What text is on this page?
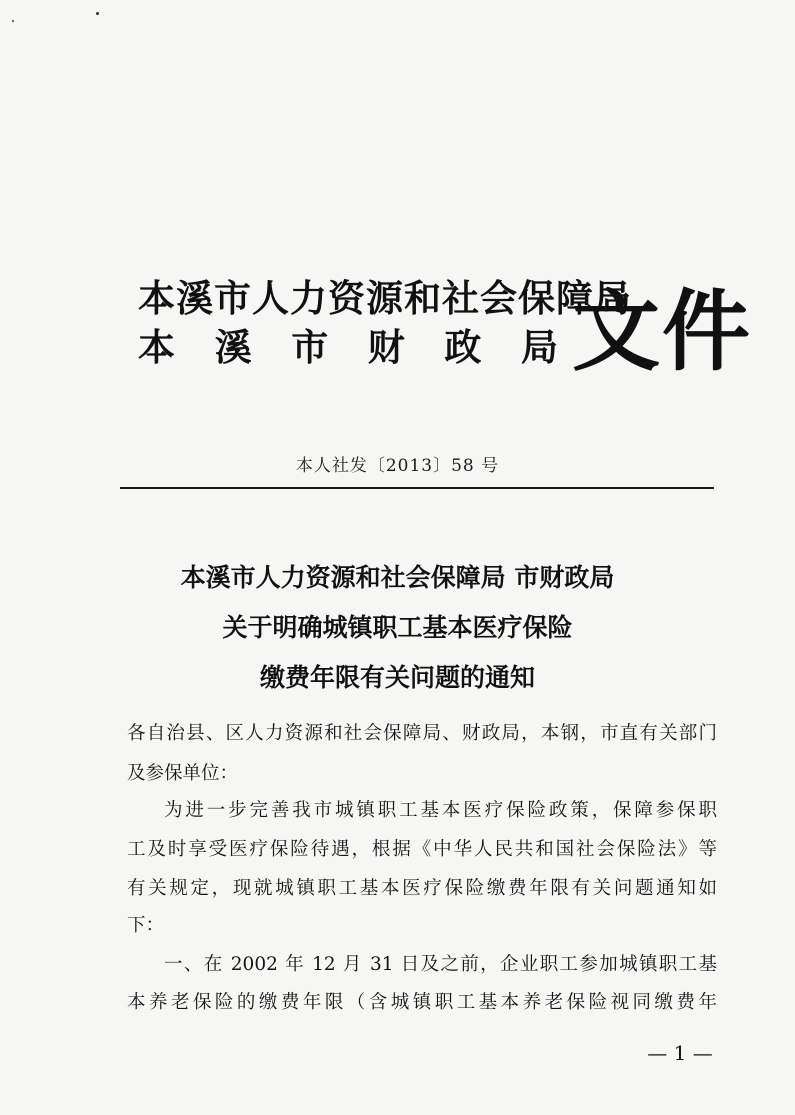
本溪市人力资源和社会保障局
本 溪 市 财 政 局 文件
本人社发〔2013〕58 号
本溪市人力资源和社会保障局 市财政局
关于明确城镇职工基本医疗保险
缴费年限有关问题的通知
各自治县、区人力资源和社会保障局、财政局，本钢，市直有关部门
及参保单位：
为进一步完善我市城镇职工基本医疗保险政策，保障参保职
工及时享受医疗保险待遇，根据《中华人民共和国社会保险法》等
有关规定，现就城镇职工基本医疗保险缴费年限有关问题通知如
下：
一、在 2002 年 12 月 31 日及之前，企业职工参加城镇职工基
本养老保险的缴费年限（含城镇职工基本养老保险视同缴费年
— 1 —
